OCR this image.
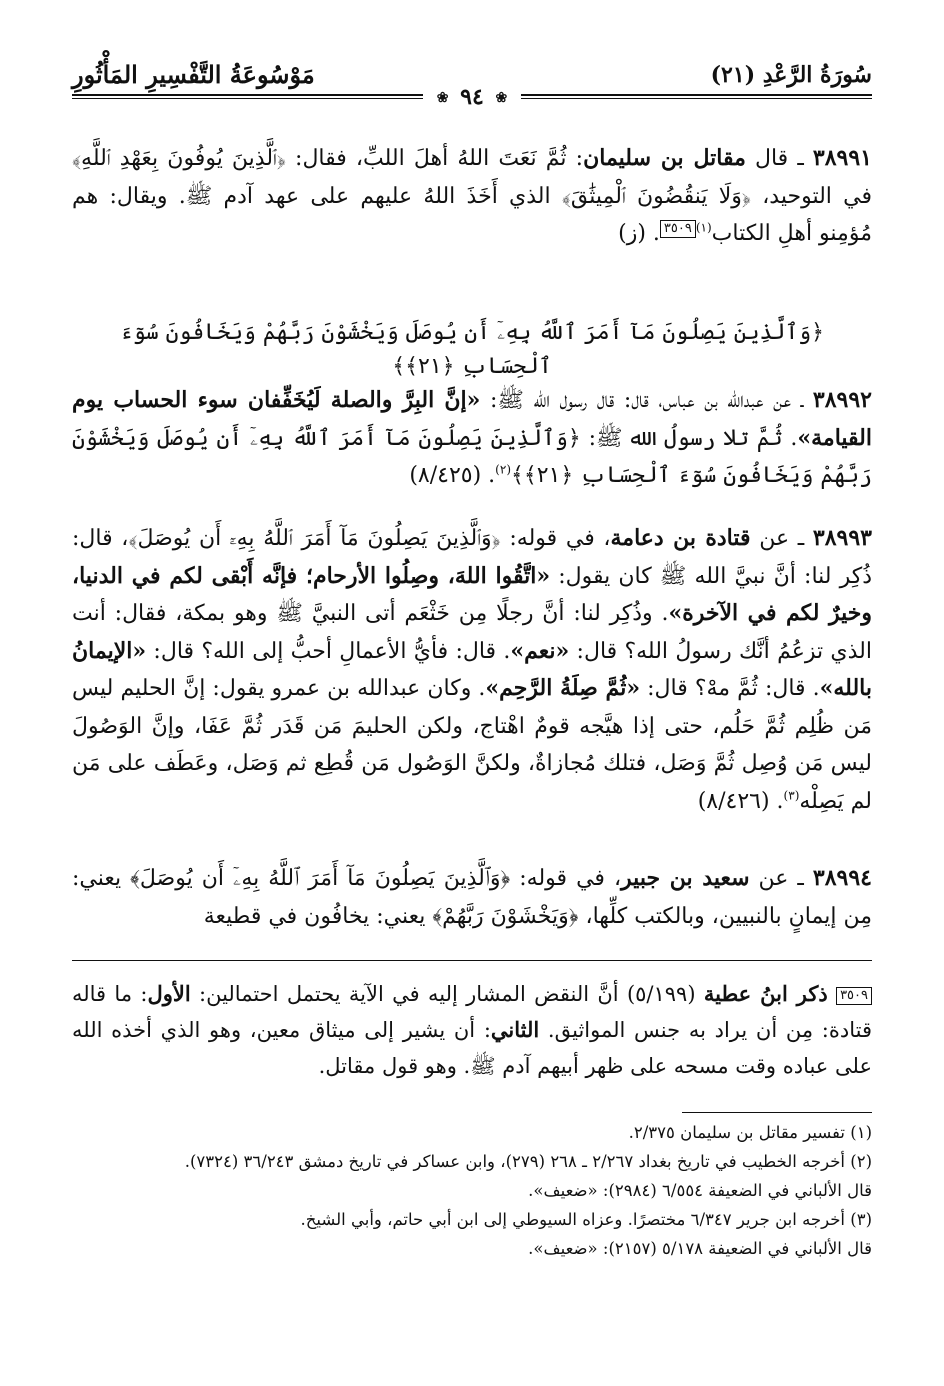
سُورَةُ الرَّعْدِ (٢١)
مَوْسُوعَةُ التَّفْسِيرِ المَأْثُورِ
❀ ٩٤ ❀

٣٨٩٩١ ـ قال مقاتل بن سليمان: ثُمَّ نَعَتَ اللهُ أهلَ اللبِّ، فقال: ﴿ٱلَّذِينَ يُوفُونَ بِعَهْدِ ٱللَّهِ﴾ في التوحيد، ﴿وَلَا يَنقُضُونَ ٱلْمِيثَٰقَ﴾ الذي أَخَذَ اللهُ عليهم على عهد آدم ﷺ. ويقال: هم مُؤمِنو أهلِ الكتاب$^{(١)}$٣٥٠٩. (ز)

﴿وَٱلَّذِينَ يَصِلُونَ مَآ أَمَرَ ٱللَّهُ بِهِۦٓ أَن يُوصَلَ وَيَخْشَوْنَ رَبَّهُمْ وَيَخَافُونَ سُوٓءَ ٱلْحِسَابِ ﴿٢١﴾﴾

٣٨٩٩٢ ـ عن عبدالله بن عباس، قال: قال رسول الله ﷺ: «إنَّ البِرَّ والصلة لَيُخَفِّفان سوء الحساب يوم القيامة». ثُمَّ تلا رسولُ الله ﷺ: ﴿وَٱلَّذِينَ يَصِلُونَ مَآ أَمَرَ ٱللَّهُ بِهِۦٓ أَن يُوصَلَ وَيَخْشَوْنَ رَبَّهُمْ وَيَخَافُونَ سُوٓءَ ٱلْحِسَابِ ﴿٢١﴾﴾$^{(٢)}$. (٨/٤٢٥)

٣٨٩٩٣ ـ عن قتادة بن دعامة، في قوله: ﴿وَٱلَّذِينَ يَصِلُونَ مَآ أَمَرَ ٱللَّهُ بِهِۦٓ أَن يُوصَلَ﴾، قال: ذُكِر لنا: أنَّ نبيَّ الله ﷺ كان يقول: «اتَّقُوا اللهَ، وصِلُوا الأرحام؛ فإنَّه أَبْقى لكم في الدنيا، وخيرٌ لكم في الآخرة». وذُكِر لنا: أنَّ رجلًا مِن خَثْعَم أتى النبيَّ ﷺ وهو بمكة، فقال: أنت الذي تزعُمُ أنَّك رسولُ الله؟ قال: «نعم». قال: فأيُّ الأعمالِ أحبُّ إلى الله؟ قال: «الإيمانُ بالله». قال: ثُمَّ مهْ؟ قال: «ثُمَّ صِلَةُ الرَّحِم». وكان عبدالله بن عمرو يقول: إنَّ الحليم ليس مَن ظُلِم ثُمَّ حَلُم، حتى إذا هيَّجه قومٌ اهْتاج، ولكن الحليمَ مَن قَدَر ثُمَّ عَفَا، وإنَّ الوَصُولَ ليس مَن وُصِل ثُمَّ وَصَل، فتلك مُجازاةٌ، ولكنَّ الوَصُول مَن قُطِع ثم وَصَل، وعَطَف على مَن لم يَصِلْه$^{(٣)}$. (٨/٤٢٦)

٣٨٩٩٤ ـ عن سعيد بن جبير، في قوله: ﴿وَٱلَّذِينَ يَصِلُونَ مَآ أَمَرَ ٱللَّهُ بِهِۦٓ أَن يُوصَلَ﴾ يعني: مِن إيمانٍ بالنبيين، وبالكتب كلِّها، ﴿وَيَخْشَوْنَ رَبَّهُمْ﴾ يعني: يخافُون في قطيعة

٣٥٠٩ ذكر ابنُ عطية (٥/١٩٩) أنَّ النقض المشار إليه في الآية يحتمل احتمالين: الأول: ما قاله قتادة: مِن أن يراد به جنس المواثيق. الثاني: أن يشير إلى ميثاق معين، وهو الذي أخذه الله على عباده وقت مسحه على ظهر أبيهم آدم ﷺ. وهو قول مقاتل.

(١) تفسير مقاتل بن سليمان ٢/٣٧٥.

(٢) أخرجه الخطيب في تاريخ بغداد ٢/٢٦٧ ـ ٢٦٨ (٢٧٩)، وابن عساكر في تاريخ دمشق ٣٦/٢٤٣ (٧٣٢٤).

قال الألباني في الضعيفة ٦/٥٥٤ (٢٩٨٤): «ضعيف».

(٣) أخرجه ابن جرير ٦/٣٤٧ مختصرًا. وعزاه السيوطي إلى ابن أبي حاتم، وأبي الشيخ.

قال الألباني في الضعيفة ٥/١٧٨ (٢١٥٧): «ضعيف».
